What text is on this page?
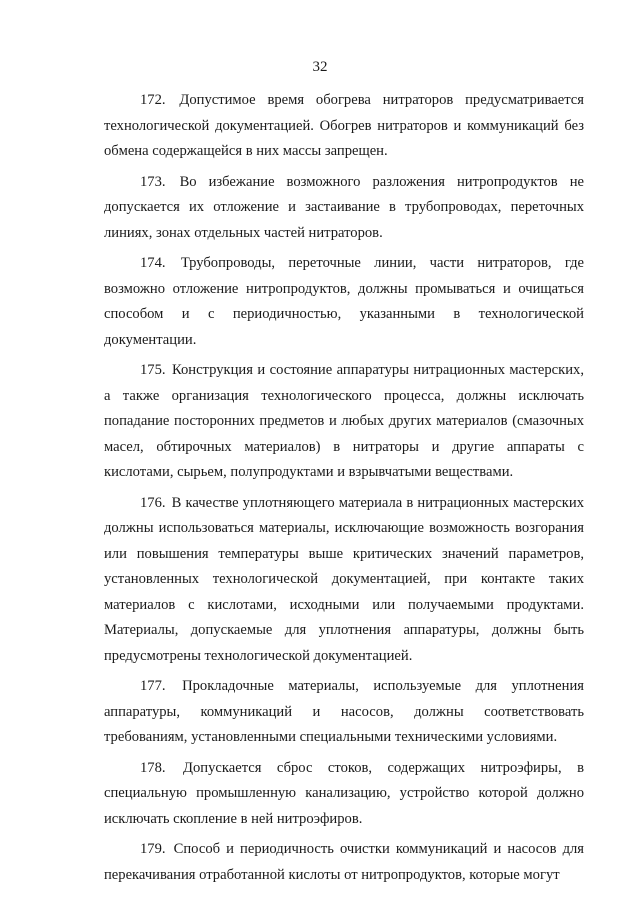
32

172. Допустимое время обогрева нитраторов предусматривается технологической документацией. Обогрев нитраторов и коммуникаций без обмена содержащейся в них массы запрещен.

173. Во избежание возможного разложения нитропродуктов не допускается их отложение и застаивание в трубопроводах, переточных линиях, зонах отдельных частей нитраторов.

174. Трубопроводы, переточные линии, части нитраторов, где возможно отложение нитропродуктов, должны промываться и очищаться способом и с периодичностью, указанными в технологической документации.

175. Конструкция и состояние аппаратуры нитрационных мастерских, а также организация технологического процесса, должны исключать попадание посторонних предметов и любых других материалов (смазочных масел, обтирочных материалов) в нитраторы и другие аппараты с кислотами, сырьем, полупродуктами и взрывчатыми веществами.

176. В качестве уплотняющего материала в нитрационных мастерских должны использоваться материалы, исключающие возможность возгорания или повышения температуры выше критических значений параметров, установленных технологической документацией, при контакте таких материалов с кислотами, исходными или получаемыми продуктами. Материалы, допускаемые для уплотнения аппаратуры, должны быть предусмотрены технологической документацией.

177. Прокладочные материалы, используемые для уплотнения аппаратуры, коммуникаций и насосов, должны соответствовать требованиям, установленными специальными техническими условиями.

178. Допускается сброс стоков, содержащих нитроэфиры, в специальную промышленную канализацию, устройство которой должно исключать скопление в ней нитроэфиров.

179. Способ и периодичность очистки коммуникаций и насосов для перекачивания отработанной кислоты от нитропродуктов, которые могут
